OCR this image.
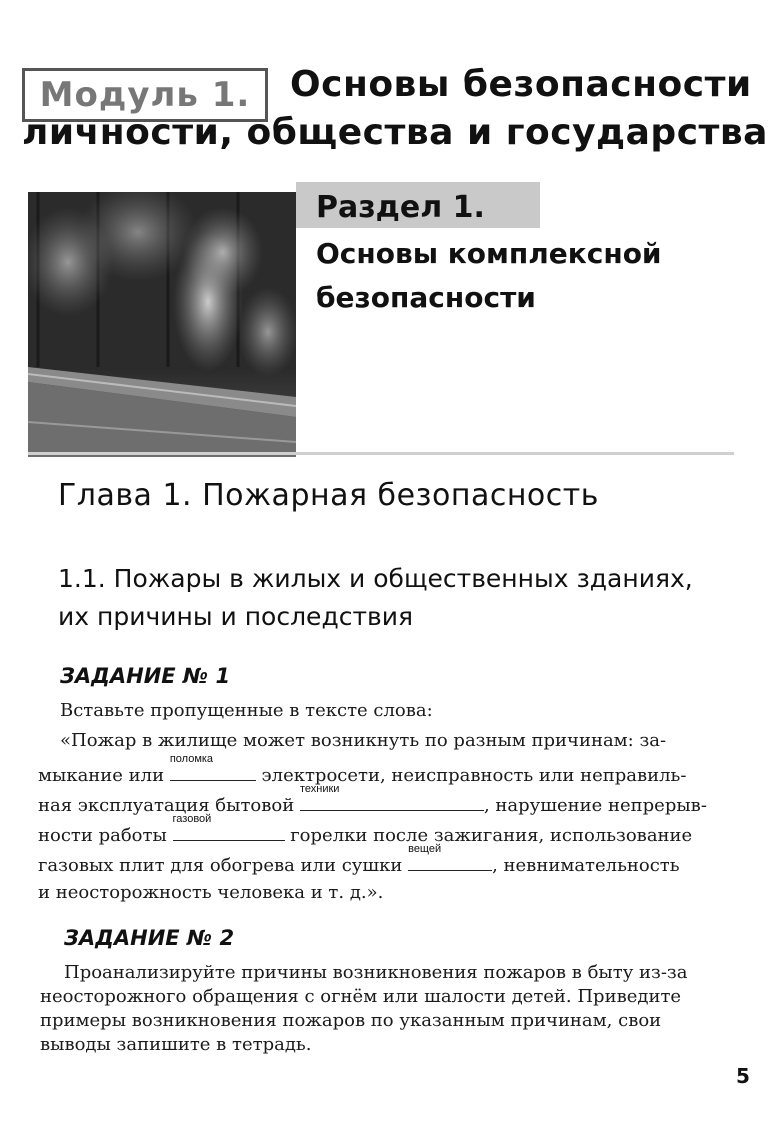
Модуль 1. Основы безопасности
личности, общества и государства
Раздел 1.
Основы комплексной
безопасности
Глава 1. Пожарная безопасность
1.1. Пожары в жилых и общественных зданиях,
их причины и последствия
ЗАДАНИЕ № 1
Вставьте пропущенные в тексте слова:
«Пожар в жилище может возникнуть по разным причинам: за-
мыкание или
поломка
электросети, неисправность или неправиль-
ная эксплуатация бытовой
техники
, нарушение непрерыв-
ности работы
газовой
горелки после зажигания, использование
газовых плит для обогрева или сушки
вещей
, невнимательность
и неосторожность человека и т. д.».
ЗАДАНИЕ № 2
Проанализируйте причины возникновения пожаров в быту из-за
неосторожного обращения с огнём или шалости детей. Приведите
примеры возникновения пожаров по указанным причинам, свои
выводы запишите в тетрадь.
5
